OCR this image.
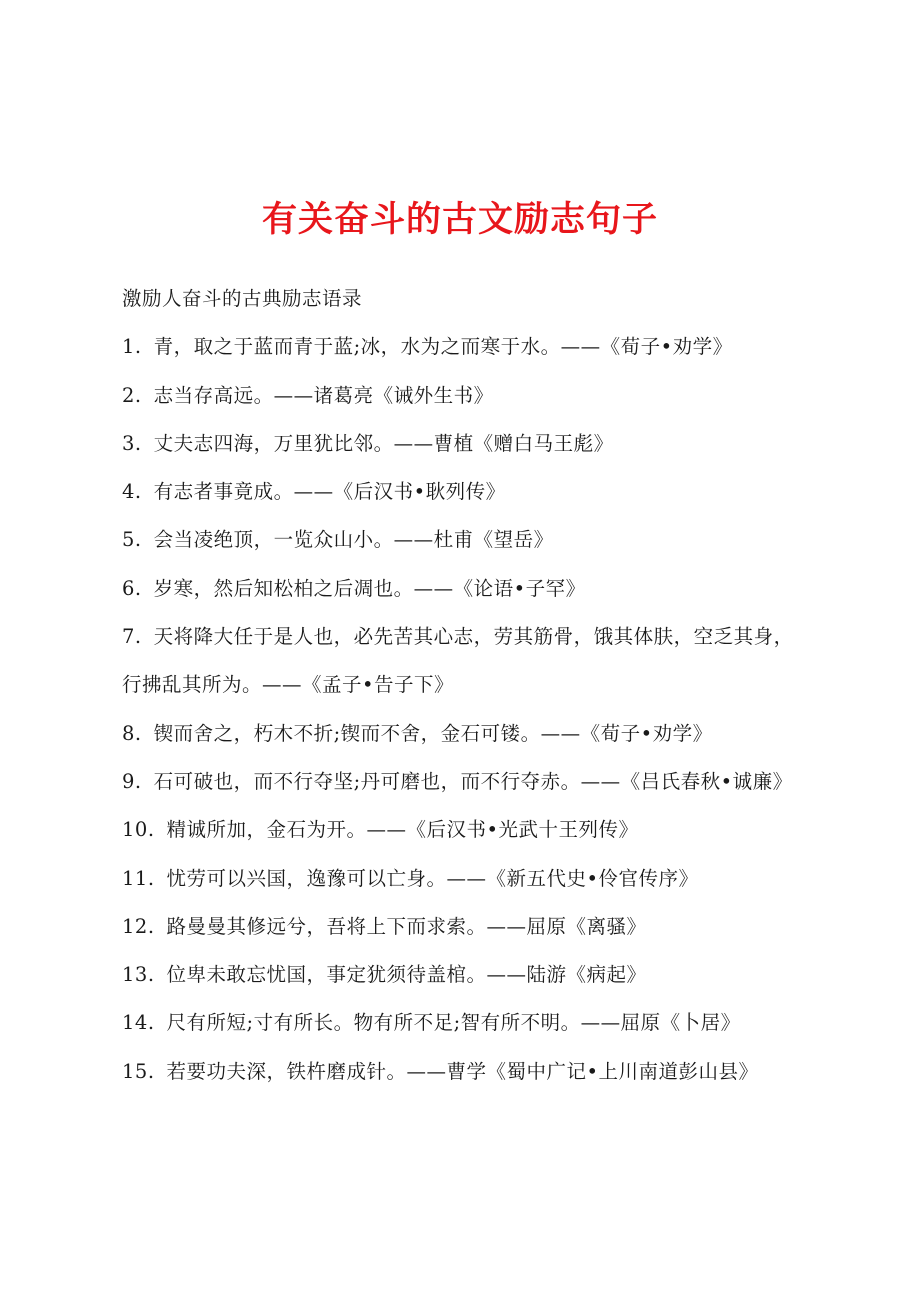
有关奋斗的古文励志句子
激励人奋斗的古典励志语录
1. 青，取之于蓝而青于蓝;冰，水为之而寒于水。——《荀子•劝学》
2. 志当存高远。——诸葛亮《诫外生书》
3. 丈夫志四海，万里犹比邻。——曹植《赠白马王彪》
4. 有志者事竟成。——《后汉书•耿列传》
5. 会当凌绝顶，一览众山小。——杜甫《望岳》
6. 岁寒，然后知松柏之后凋也。——《论语•子罕》
7. 天将降大任于是人也，必先苦其心志，劳其筋骨，饿其体肤，空乏其身，行拂乱其所为。——《孟子•告子下》
8. 锲而舍之，朽木不折;锲而不舍，金石可镂。——《荀子•劝学》
9. 石可破也，而不行夺坚;丹可磨也，而不行夺赤。——《吕氏春秋•诚廉》
10. 精诚所加，金石为开。——《后汉书•光武十王列传》
11. 忧劳可以兴国，逸豫可以亡身。——《新五代史•伶官传序》
12. 路曼曼其修远兮，吾将上下而求索。——屈原《离骚》
13. 位卑未敢忘忧国，事定犹须待盖棺。——陆游《病起》
14. 尺有所短;寸有所长。物有所不足;智有所不明。——屈原《卜居》
15. 若要功夫深，铁杵磨成针。——曹学《蜀中广记•上川南道彭山县》
